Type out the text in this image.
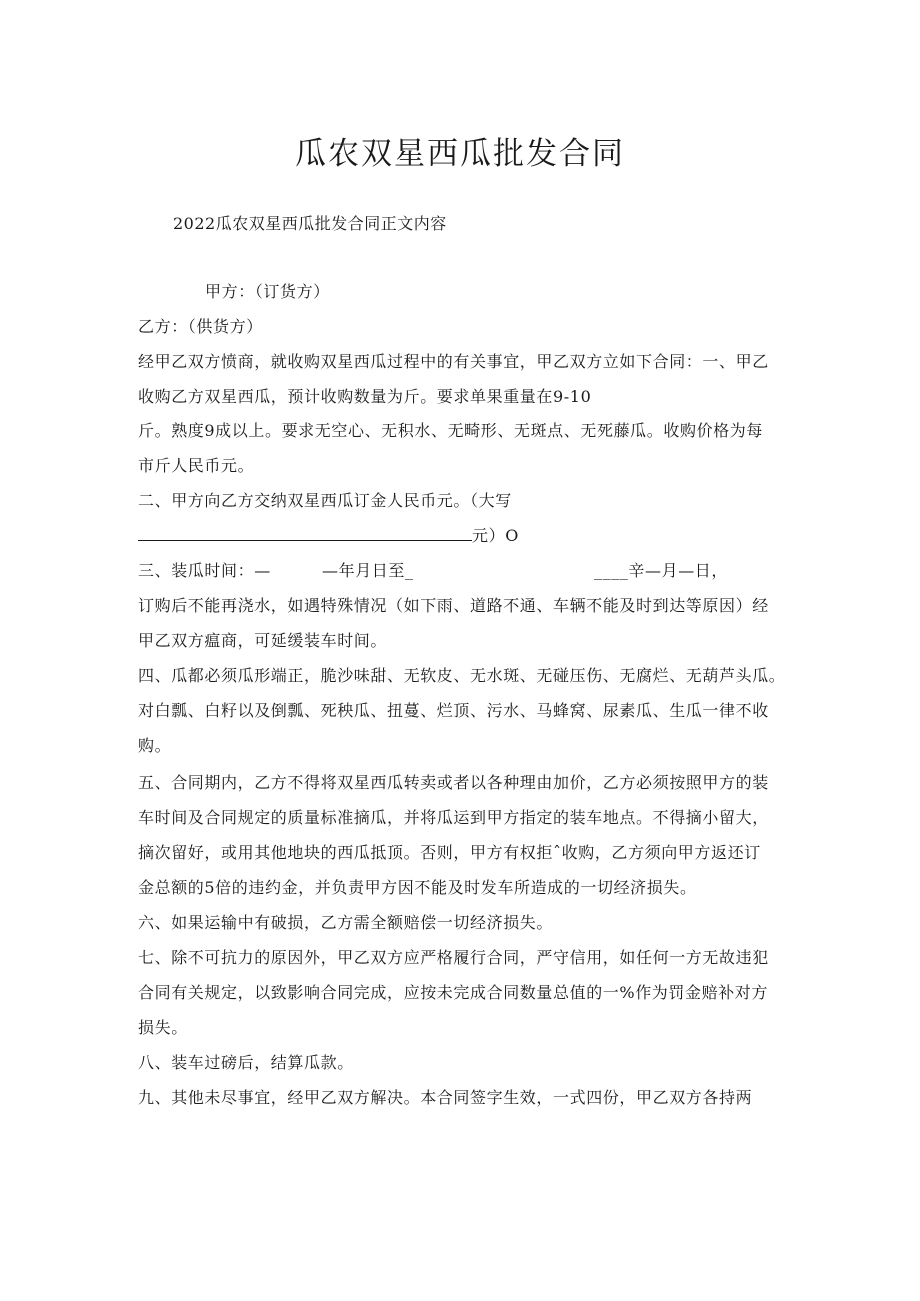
瓜农双星西瓜批发合同
2022瓜农双星西瓜批发合同正文内容
甲方：（订货方）
乙方：（供货方）
经甲乙双方愤商，就收购双星西瓜过程中的有关事宜，甲乙双方立如下合同：一、甲乙
收购乙方双星西瓜，预计收购数量为斤。要求单果重量在9-10
斤。熟度9成以上。要求无空心、无积水、无畸形、无斑点、无死藤瓜。收购价格为每
市斤人民币元。
二、甲方向乙方交纳双星西瓜订金人民币元。（大写
元）O
三、装瓜时间：—	—年月日至_	____辛—月—日，
订购后不能再浇水，如遇特殊情况（如下雨、道路不通、车辆不能及时到达等原因）经
甲乙双方瘟商，可延缓装车时间。
四、瓜都必须瓜形端正，脆沙味甜、无软皮、无水斑、无碰压伤、无腐烂、无葫芦头瓜。
对白瓢、白籽以及倒瓢、死秧瓜、扭蔓、烂顶、污水、马蜂窝、尿素瓜、生瓜一律不收
购。
五、合同期内，乙方不得将双星西瓜转卖或者以各种理由加价，乙方必须按照甲方的装
车时间及合同规定的质量标准摘瓜，并将瓜运到甲方指定的装车地点。不得摘小留大，
摘次留好，或用其他地块的西瓜抵顶。否则，甲方有权拒ˆ收购，乙方须向甲方返还订
金总额的5倍的违约金，并负责甲方因不能及时发车所造成的一切经济损失。
六、如果运输中有破损，乙方需全额赔偿一切经济损失。
七、除不可抗力的原因外，甲乙双方应严格履行合同，严守信用，如任何一方无故违犯
合同有关规定，以致影响合同完成，应按未完成合同数量总值的一%作为罚金赔补对方
损失。
八、装车过磅后，结算瓜款。
九、其他未尽事宜，经甲乙双方解决。本合同签字生效，一式四份，甲乙双方各持两
